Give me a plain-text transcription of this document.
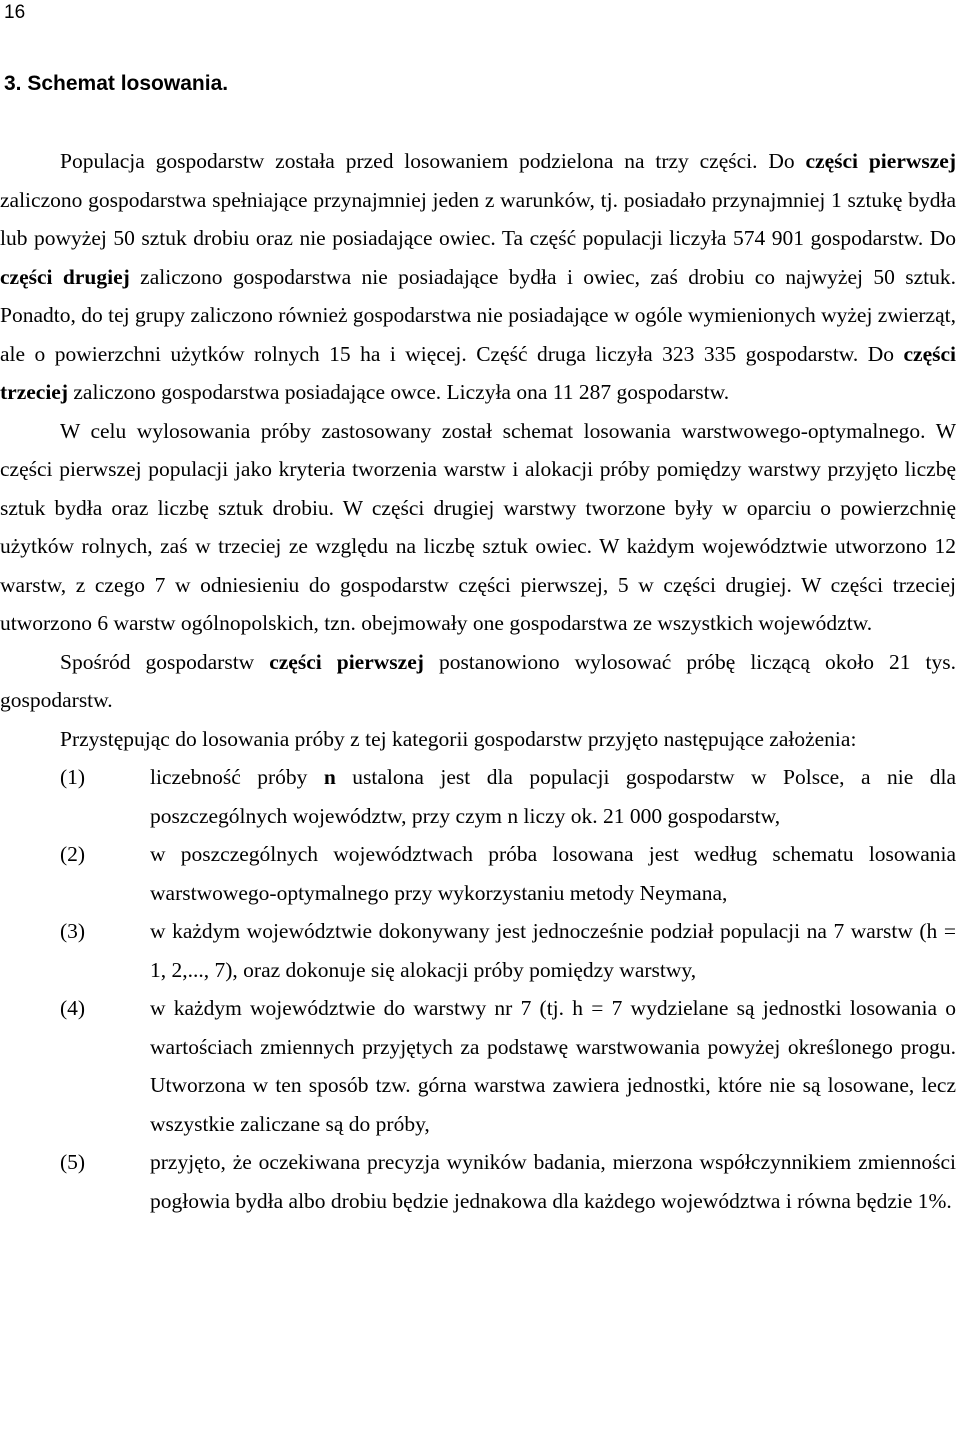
16
3. Schemat losowania.

Populacja gospodarstw została przed losowaniem podzielona na trzy części. Do części pierwszej zaliczono gospodarstwa spełniające przynajmniej jeden z warunków, tj. posiadało przynajmniej 1 sztukę bydła lub powyżej 50 sztuk drobiu oraz nie posiadające owiec. Ta część populacji liczyła 574 901 gospodarstw. Do części drugiej zaliczono gospodarstwa nie posiadające bydła i owiec, zaś drobiu co najwyżej 50 sztuk. Ponadto, do tej grupy zaliczono również gospodarstwa nie posiadające w ogóle wymienionych wyżej zwierząt, ale o powierzchni użytków rolnych 15 ha i więcej. Część druga liczyła 323 335 gospodarstw. Do części trzeciej zaliczono gospodarstwa posiadające owce. Liczyła ona 11 287 gospodarstw.

W celu wylosowania próby zastosowany został schemat losowania warstwowego-optymalnego. W części pierwszej populacji jako kryteria tworzenia warstw i alokacji próby pomiędzy warstwy przyjęto liczbę sztuk bydła oraz liczbę sztuk drobiu. W części drugiej warstwy tworzone były w oparciu o powierzchnię użytków rolnych, zaś w trzeciej ze względu na liczbę sztuk owiec. W każdym województwie utworzono 12 warstw, z czego 7 w odniesieniu do gospodarstw części pierwszej, 5 w części drugiej. W części trzeciej utworzono 6 warstw ogólnopolskich, tzn. obejmowały one gospodarstwa ze wszystkich województw.

Spośród gospodarstw części pierwszej postanowiono wylosować próbę liczącą około 21 tys. gospodarstw.

Przystępując do losowania próby z tej kategorii gospodarstw przyjęto następujące założenia:

(1)	liczebność próby n ustalona jest dla populacji gospodarstw w Polsce, a nie dla poszczególnych województw, przy czym n liczy ok. 21 000 gospodarstw,
(2)	w poszczególnych województwach próba losowana jest według schematu losowania warstwowego-optymalnego przy wykorzystaniu metody Neymana,
(3)	w każdym województwie dokonywany jest jednocześnie podział populacji na 7 warstw (h = 1, 2,..., 7), oraz dokonuje się alokacji próby pomiędzy warstwy,
(4)	w każdym województwie do warstwy nr 7 (tj. h = 7 wydzielane są jednostki losowania o wartościach zmiennych przyjętych za podstawę warstwowania powyżej określonego progu. Utworzona w ten sposób tzw. górna warstwa zawiera jednostki, które nie są losowane, lecz wszystkie zaliczane są do próby,
(5)	przyjęto, że oczekiwana precyzja wyników badania, mierzona współczynnikiem zmienności pogłowia bydła albo drobiu będzie jednakowa dla każdego województwa i równa będzie 1%.
